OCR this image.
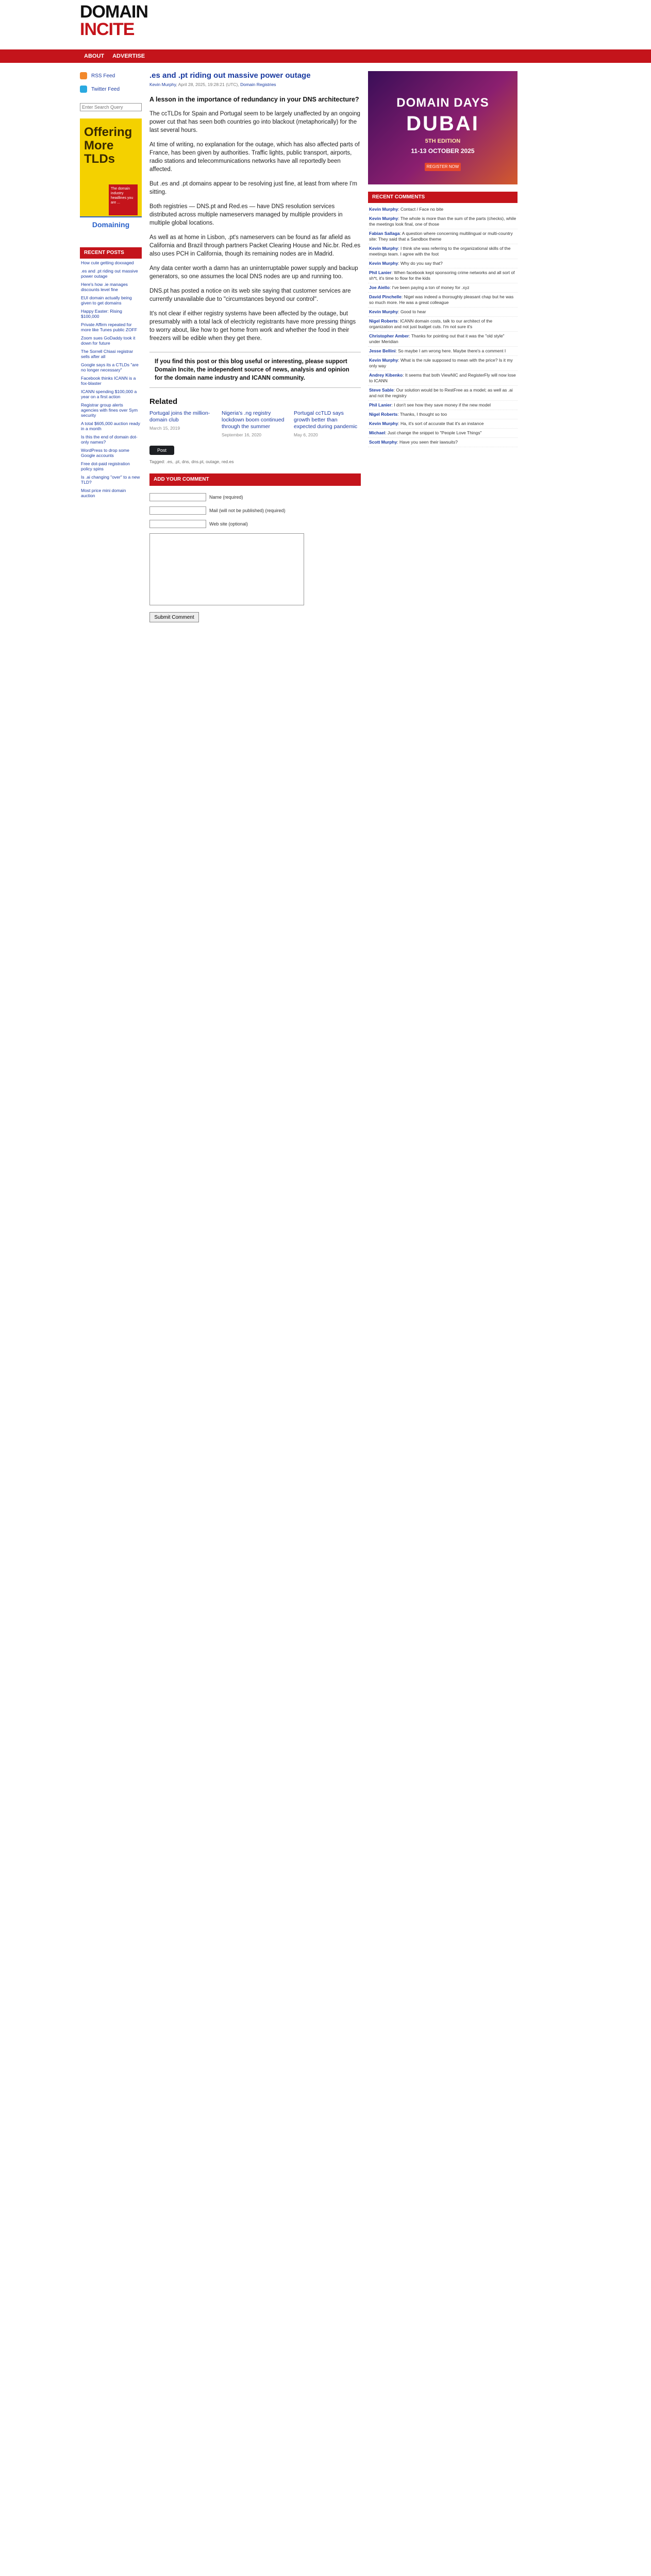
DOMAIN
INCITE
ABOUT	ADVERTISE
RSS Feed
Twitter Feed
Enter Search Query
Offering More TLDs
The domain industry headlines you are ...
Domaining
RECENT POSTS
How cute getting doxxaged
.es and .pt riding out massive power outage
Here's how .ie manages discounts level fine
EUI domain actually being given to get domains
Happy Easter: Rising $100,000
Private Affirm repeated for more like Tunes public ZOFF
Zoom sues GoDaddy took it down for future
The Sorrell Chiasi registrar sells after all
Google says its a CTLDs "are no longer necessary"
Facebook thinks ICANN is a fox-blaster
ICANN spending $100,000 a year on a first action
Registrar group alerts agencies with fines over Sym security
A total $605,000 auction ready in a month
Is this the end of domain dot-only names?
WordPress to drop some Google accounts
Free dot-paid registration policy spins
Is .ai changing "over" to a new TLD?
Most price mini domain auction
.es and .pt riding out massive power outage
Kevin Murphy, April 28, 2025, 19:28:21 (UTC), Domain Registries

A lesson in the importance of redundancy in your DNS architecture?

The ccTLDs for Spain and Portugal seem to be largely unaffected by an ongoing power cut that has seen both countries go into blackout (metaphorically) for the last several hours.

At time of writing, no explanation for the outage, which has also affected parts of France, has been given by authorities. Traffic lights, public transport, airports, radio stations and telecommunications networks have all reportedly been affected.

But .es and .pt domains appear to be resolving just fine, at least from where I'm sitting.

Both registries — DNS.pt and Red.es — have DNS resolution services distributed across multiple nameservers managed by multiple providers in multiple global locations.

As well as at home in Lisbon, .pt's nameservers can be found as far afield as California and Brazil through partners Packet Clearing House and Nic.br. Red.es also uses PCH in California, though its remaining nodes are in Madrid.

Any data center worth a damn has an uninterruptable power supply and backup generators, so one assumes the local DNS nodes are up and running too.

DNS.pt has posted a notice on its web site saying that customer services are currently unavailable due to "circumstances beyond our control".

It's not clear if either registry systems have been affected by the outage, but presumably with a total lack of electricity registrants have more pressing things to worry about, like how to get home from work and whether the food in their freezers will be edible when they get there.

If you find this post or this blog useful or interesting, please support Domain Incite, the independent source of news, analysis and opinion for the domain name industry and ICANN community.
Related
Portugal joins the million-domain club
March 15, 2019
Nigeria's .ng registry lockdown boom continued through the summer
September 16, 2020
Portugal ccTLD says growth better than expected during pandemic
May 6, 2020
Post
Tagged: .es, .pt, dns, dns.pt, outage, red.es
ADD YOUR COMMENT
Name (required)
Mail (will not be published) (required)
Web site (optional)
Submit Comment
DOMAIN DAYS
DUBAI
5TH EDITION
11-13 OCTOBER 2025
REGISTER NOW
RECENT COMMENTS
Kevin Murphy: Contact / Face no bite
Kevin Murphy: The whole is more than the sum of the parts (checks), while the meetings look final, one of those
Fabian Sallaga: A question where concerning multilingual or multi-country site: They said that a Sandbox theme
Kevin Murphy: I think she was referring to the organizational skills of the meetings team. I agree with the foot
Kevin Murphy: Why do you say that?
Phil Lanier: When facebook kept sponsoring crime networks and all sort of sh*t, it's time to flow for the kids
Joe Aiello: I've been paying a ton of money for .xyz
David Pinchelle: Nigel was indeed a thoroughly pleasant chap but he was so much more. He was a great colleague
Kevin Murphy: Good to hear
Nigel Roberts: ICANN domain costs, talk to our architect of the organization and not just budget cuts. I'm not sure it's
Christopher Amber: Thanks for pointing out that it was the "old style" under Meridian
Jesse Bellini: So maybe I am wrong here. Maybe there's a comment I
Kevin Murphy: What is the rule supposed to mean with the price? Is it my only way
Andrey Kibenko: It seems that both ViewNIC and RegisterFly will now lose to ICANN
Steve Sable: Our solution would be to RestFree as a model; as well as .ai and not the registry
Phil Lanier: I don't see how they save money if the new model
Nigel Roberts: Thanks, I thought so too
Kevin Murphy: Ha, it's sort of accurate that it's an instance
Michael: Just change the snippet to "People Love Things"
Scott Murphy: Have you seen their lawsuits?
